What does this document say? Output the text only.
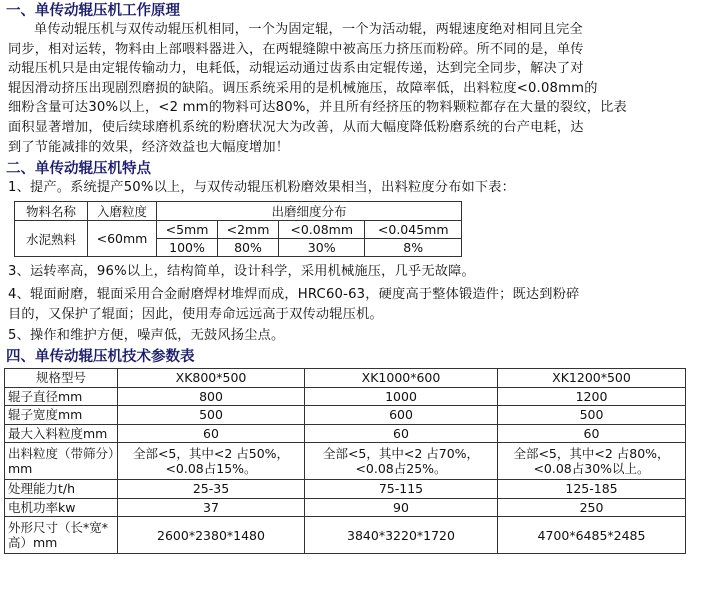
一、单传动辊压机工作原理
单传动辊压机与双传动辊压机相同，一个为固定辊，一个为活动辊，两辊速度绝对相同且完全
同步，相对运转，物料由上部喂料器进入，在两辊缝隙中被高压力挤压而粉碎。所不同的是，单传
动辊压机只是由定辊传输动力，电耗低，动辊运动通过齿系由定辊传递，达到完全同步，解决了对
辊因滑动挤压出现剧烈磨损的缺陷。调压系统采用的是机械施压，故障率低，出料粒度<0.08mm的
细粉含量可达30%以上，<2 mm的物料可达80%，并且所有经挤压的物料颗粒都存在大量的裂纹，比表
面积显著增加，使后续球磨机系统的粉磨状况大为改善，从而大幅度降低粉磨系统的台产电耗，达
到了节能减排的效果，经济效益也大幅度增加！
二、单传动辊压机特点
1、提产。系统提产50%以上，与双传动辊压机粉磨效果相当，出料粒度分布如下表：
物料名称	入磨粒度	出磨细度分布			
水泥熟料	<60mm	<5mm	<2mm	<0.08mm	<0.045mm
		100%	80%	30%	8%
3、运转率高，96%以上，结构简单，设计科学，采用机械施压，几乎无故障。
4、辊面耐磨，辊面采用合金耐磨焊材堆焊而成，HRC60-63，硬度高于整体锻造件；既达到粉碎
目的，又保护了辊面；因此，使用寿命远远高于双传动辊压机。
5、操作和维护方便，噪声低，无鼓风扬尘点。
四、单传动辊压机技术参数表
规格型号	XK800*500	XK1000*600	XK1200*500
辊子直径mm	800	1000	1200
辊子宽度mm	500	600	500
最大入料粒度mm	60	60	60
出料粒度（带筛分）mm	全部<5，其中<2 占50%，<0.08占15%。	全部<5，其中<2 占70%，<0.08占25%。	全部<5，其中<2 占80%，<0.08占30%以上。
处理能力t/h	25-35	75-115	125-185
电机功率kw	37	90	250
外形尺寸（长*宽*高）mm	2600*2380*1480	3840*3220*1720	4700*6485*2485
